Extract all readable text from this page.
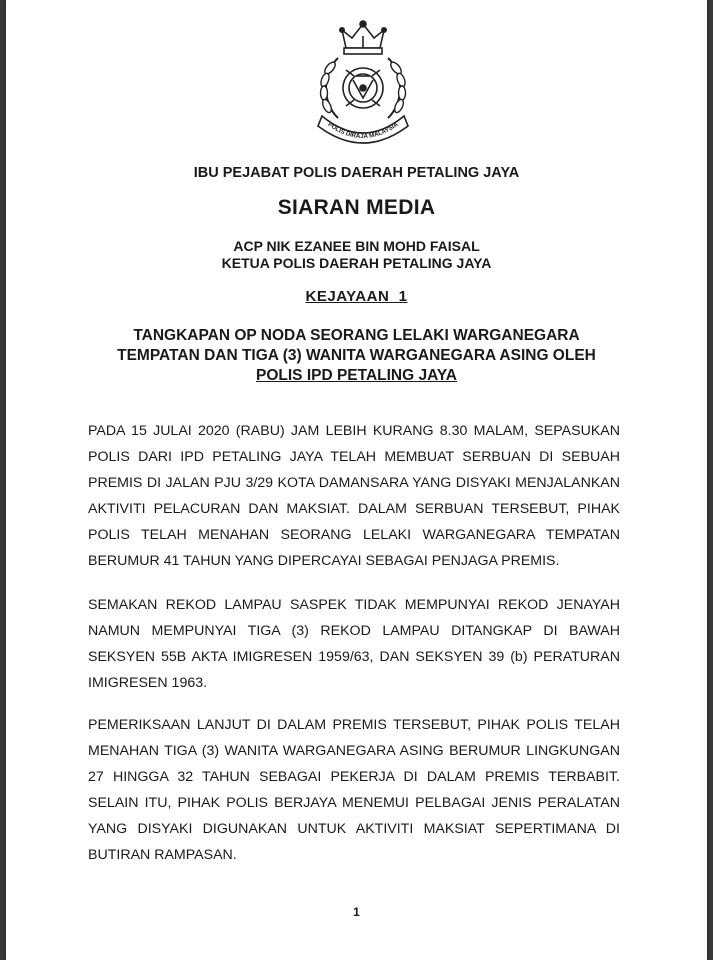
POLIS DIRAJA MALAYSIA
IBU PEJABAT POLIS DAERAH PETALING JAYA
SIARAN MEDIA
ACP NIK EZANEE BIN MOHD FAISAL
KETUA POLIS DAERAH PETALING JAYA
KEJAYAAN  1
TANGKAPAN OP NODA SEORANG LELAKI WARGANEGARA
TEMPATAN DAN TIGA (3) WANITA WARGANEGARA ASING OLEH
POLIS IPD PETALING JAYA

PADA 15 JULAI 2020 (RABU) JAM LEBIH KURANG 8.30 MALAM, SEPASUKAN POLIS DARI IPD PETALING JAYA TELAH MEMBUAT SERBUAN DI SEBUAH PREMIS DI JALAN PJU 3/29 KOTA DAMANSARA YANG DISYAKI MENJALANKAN AKTIVITI PELACURAN DAN MAKSIAT. DALAM SERBUAN TERSEBUT, PIHAK POLIS TELAH MENAHAN SEORANG LELAKI WARGANEGARA TEMPATAN BERUMUR 41 TAHUN YANG DIPERCAYAI SEBAGAI PENJAGA PREMIS.

SEMAKAN REKOD LAMPAU SASPEK TIDAK MEMPUNYAI REKOD JENAYAH NAMUN MEMPUNYAI TIGA (3) REKOD LAMPAU DITANGKAP DI BAWAH SEKSYEN 55B AKTA IMIGRESEN 1959/63, DAN SEKSYEN 39 (b) PERATURAN IMIGRESEN 1963.

PEMERIKSAAN LANJUT DI DALAM PREMIS TERSEBUT, PIHAK POLIS TELAH MENAHAN TIGA (3) WANITA WARGANEGARA ASING BERUMUR LINGKUNGAN 27 HINGGA 32 TAHUN SEBAGAI PEKERJA DI DALAM PREMIS TERBABIT. SELAIN ITU, PIHAK POLIS BERJAYA MENEMUI PELBAGAI JENIS PERALATAN YANG DISYAKI DIGUNAKAN UNTUK AKTIVITI MAKSIAT SEPERTIMANA DI BUTIRAN RAMPASAN.

1
